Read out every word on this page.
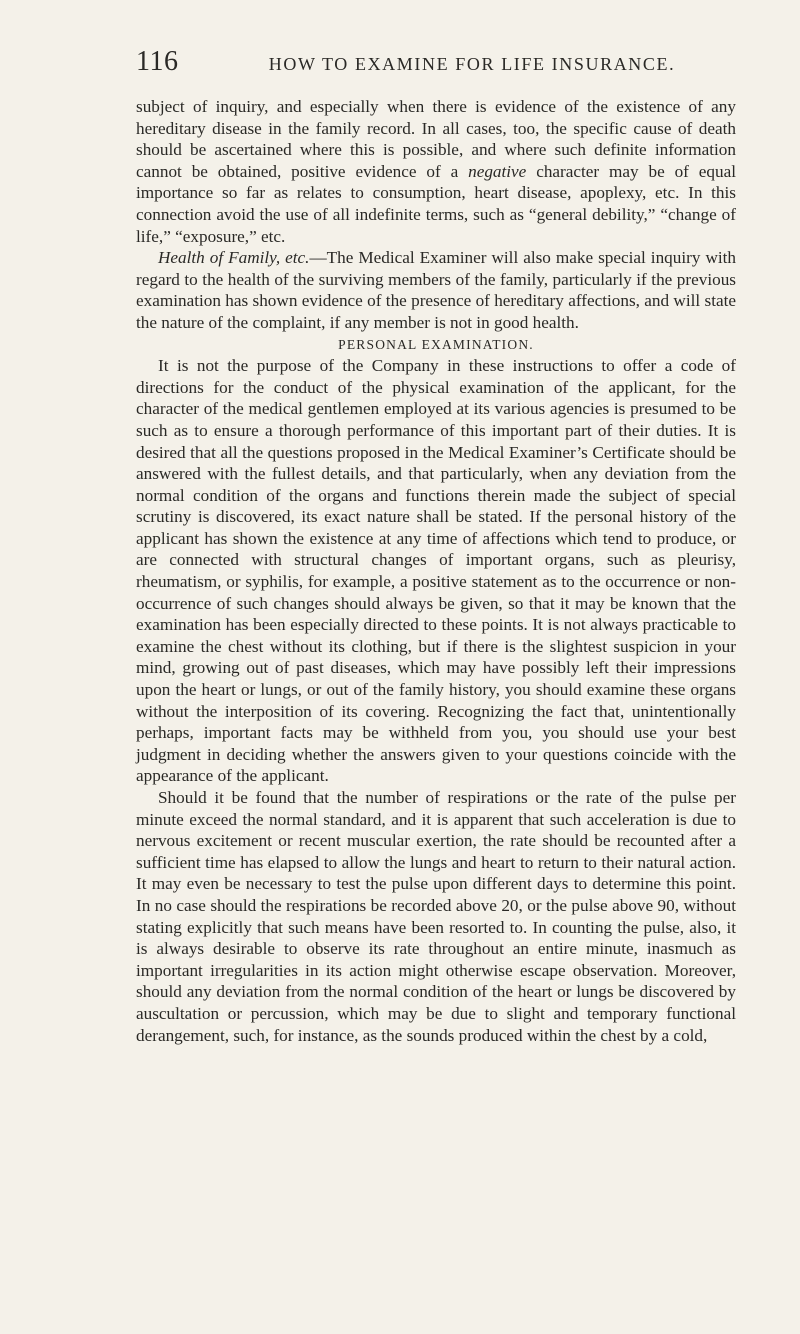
116	HOW TO EXAMINE FOR LIFE INSURANCE.

subject of inquiry, and especially when there is evidence of the existence of any hereditary disease in the family record. In all cases, too, the specific cause of death should be ascertained where this is possible, and where such definite information cannot be obtained, positive evidence of a negative character may be of equal importance so far as relates to consumption, heart disease, apoplexy, etc. In this connection avoid the use of all indefinite terms, such as “general debility,” “change of life,” “exposure,” etc.

Health of Family, etc.—The Medical Examiner will also make special inquiry with regard to the health of the surviving members of the family, particularly if the previous examination has shown evidence of the presence of hereditary affections, and will state the nature of the complaint, if any member is not in good health.

PERSONAL EXAMINATION.

It is not the purpose of the Company in these instructions to offer a code of directions for the conduct of the physical examination of the applicant, for the character of the medical gentlemen employed at its various agencies is presumed to be such as to ensure a thorough performance of this important part of their duties. It is desired that all the questions proposed in the Medical Examiner’s Certificate should be answered with the fullest details, and that particularly, when any deviation from the normal condition of the organs and functions therein made the subject of special scrutiny is discovered, its exact nature shall be stated. If the personal history of the applicant has shown the existence at any time of affections which tend to produce, or are connected with structural changes of important organs, such as pleurisy, rheumatism, or syphilis, for example, a positive statement as to the occurrence or non-occurrence of such changes should always be given, so that it may be known that the examination has been especially directed to these points. It is not always practicable to examine the chest without its clothing, but if there is the slightest suspicion in your mind, growing out of past diseases, which may have possibly left their impressions upon the heart or lungs, or out of the family history, you should examine these organs without the interposition of its covering. Recognizing the fact that, unintentionally perhaps, important facts may be withheld from you, you should use your best judgment in deciding whether the answers given to your questions coincide with the appearance of the applicant.

Should it be found that the number of respirations or the rate of the pulse per minute exceed the normal standard, and it is apparent that such acceleration is due to nervous excitement or recent muscular exertion, the rate should be recounted after a sufficient time has elapsed to allow the lungs and heart to return to their natural action. It may even be necessary to test the pulse upon different days to determine this point. In no case should the respirations be recorded above 20, or the pulse above 90, without stating explicitly that such means have been resorted to. In counting the pulse, also, it is always desirable to observe its rate throughout an entire minute, inasmuch as important irregularities in its action might otherwise escape observation. Moreover, should any deviation from the normal condition of the heart or lungs be discovered by auscultation or percussion, which may be due to slight and temporary functional derangement, such, for instance, as the sounds produced within the chest by a cold,
